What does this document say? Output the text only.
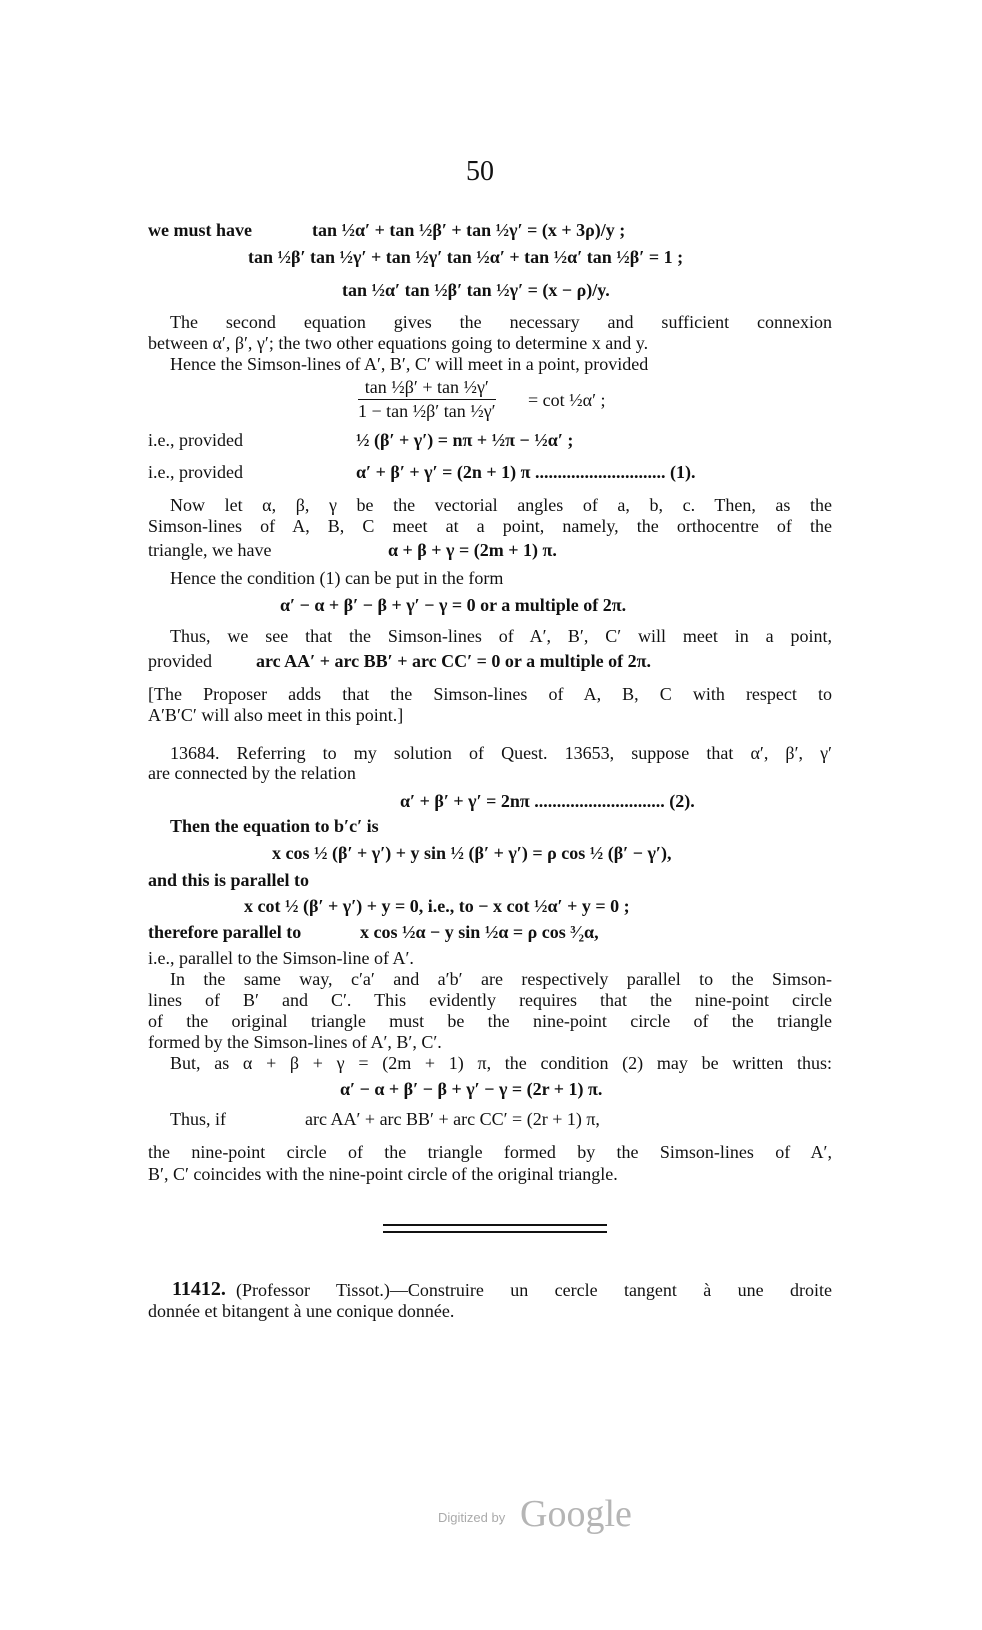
50
we must have	tan ½α′ + tan ½β′ + tan ½γ′ = (x + 3ρ)/y ;
tan ½β′ tan ½γ′ + tan ½γ′ tan ½α′ + tan ½α′ tan ½β′ = 1 ;
tan ½α′ tan ½β′ tan ½γ′ = (x − ρ)/y.
The second equation gives the necessary and sufficient connexion
between α′, β′, γ′; the two other equations going to determine x and y.
Hence the Simson-lines of A′, B′, C′ will meet in a point, provided
$\frac{\text{tan ½β′ + tan ½γ′}}{\text{1 − tan ½β′ tan ½γ′}} = \cot$ ½α′ ;
i.e., provided	½ (β′ + γ′) = nπ + ½π − ½α′ ;
i.e., provided	α′ + β′ + γ′ = (2n + 1) π ............................. (1).
Now let α, β, γ be the vectorial angles of a, b, c. Then, as the
Simson-lines of A, B, C meet at a point, namely, the orthocentre of the
triangle, we have	α + β + γ = (2m + 1) π.
Hence the condition (1) can be put in the form
α′ − α + β′ − β + γ′ − γ = 0 or a multiple of 2π.
Thus, we see that the Simson-lines of A′, B′, C′ will meet in a point,
provided arc AA′ + arc BB′ + arc CC′ = 0 or a multiple of 2π.
[The Proposer adds that the Simson-lines of A, B, C with respect to
A′B′C′ will also meet in this point.]
13684. Referring to my solution of Quest. 13653, suppose that α′, β′, γ′
are connected by the relation
α′ + β′ + γ′ = 2nπ ............................. (2).
Then the equation to b′c′ is
x cos ½ (β′ + γ′) + y sin ½ (β′ + γ′) = ρ cos ½ (β′ − γ′),
and this is parallel to
x cot ½ (β′ + γ′) + y = 0, i.e., to − x cot ½α′ + y = 0 ;
therefore parallel to	x cos ½α − y sin ½α = ρ cos ³⁄₂α,
i.e., parallel to the Simson-line of A′.
In the same way, c′a′ and a′b′ are respectively parallel to the Simson-
lines of B′ and C′. This evidently requires that the nine-point circle
of the original triangle must be the nine-point circle of the triangle
formed by the Simson-lines of A′, B′, C′.
But, as α + β + γ = (2m + 1) π, the condition (2) may be written thus:
α′ − α + β′ − β + γ′ − γ = (2r + 1) π.
Thus, if	arc AA′ + arc BB′ + arc CC′ = (2r + 1) π,
the nine-point circle of the triangle formed by the Simson-lines of A′,
B′, C′ coincides with the nine-point circle of the original triangle.
11412. (Professor Tissot.)—Construire un cercle tangent à une droite
donnée et bitangent à une conique donnée.
Digitized by Google
